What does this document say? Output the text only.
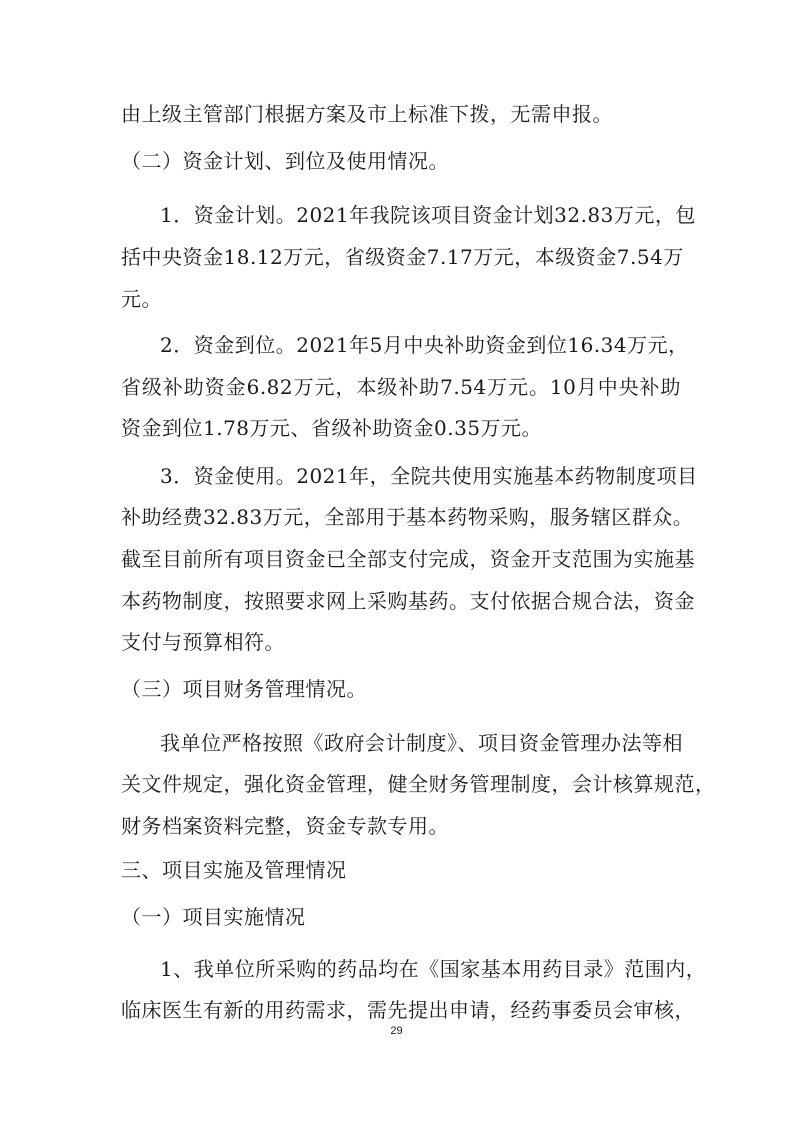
由上级主管部门根据方案及市上标准下拨，无需申报。
（二）资金计划、到位及使用情况。
1．资金计划。2021年我院该项目资金计划32.83万元，包
括中央资金18.12万元，省级资金7.17万元，本级资金7.54万
元。
2．资金到位。2021年5月中央补助资金到位16.34万元，
省级补助资金6.82万元，本级补助7.54万元。10月中央补助
资金到位1.78万元、省级补助资金0.35万元。
3．资金使用。2021年，全院共使用实施基本药物制度项目
补助经费32.83万元，全部用于基本药物采购，服务辖区群众。
截至目前所有项目资金已全部支付完成，资金开支范围为实施基
本药物制度，按照要求网上采购基药。支付依据合规合法，资金
支付与预算相符。
（三）项目财务管理情况。
我单位严格按照《政府会计制度》、项目资金管理办法等相
关文件规定，强化资金管理，健全财务管理制度，会计核算规范，
财务档案资料完整，资金专款专用。
三、项目实施及管理情况
（一）项目实施情况
1、我单位所采购的药品均在《国家基本用药目录》范围内，
临床医生有新的用药需求，需先提出申请，经药事委员会审核，
29
